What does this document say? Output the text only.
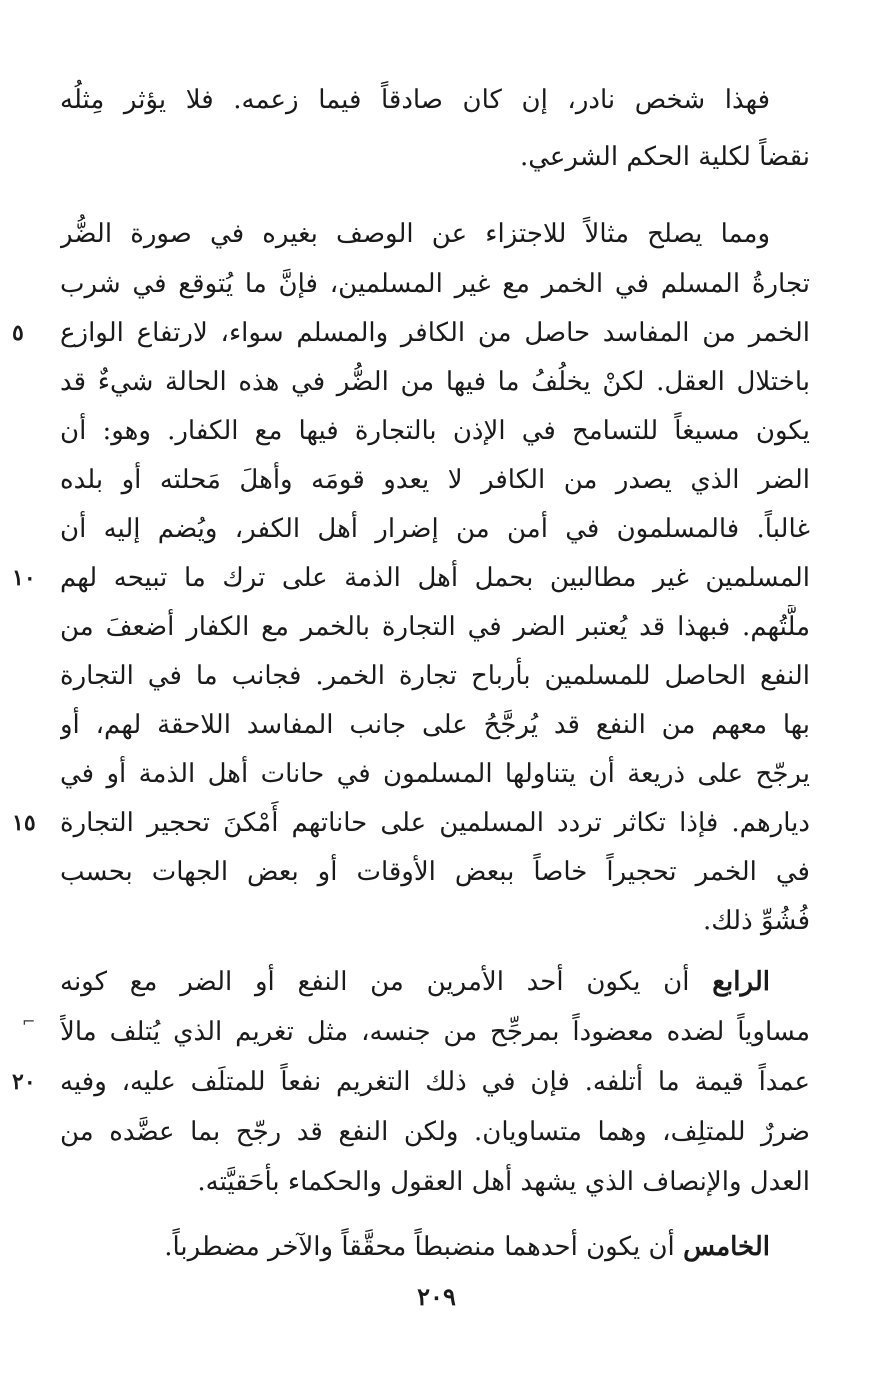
فهذا شخص نادر، إن كان صادقاً فيما زعمه. فلا يؤثر مِثلُه
نقضاً لكلية الحكم الشرعي.
ومما يصلح مثالاً للاجتزاء عن الوصف بغيره في صورة الضُّر
تجارةُ المسلم في الخمر مع غير المسلمين، فإنَّ ما يُتوقع في شرب
الخمر من المفاسد حاصل من الكافر والمسلم سواء، لارتفاع الوازع
باختلال العقل. لكنْ يخلُفُ ما فيها من الضُّر في هذه الحالة شيءٌ قد
يكون مسيغاً للتسامح في الإذن بالتجارة فيها مع الكفار. وهو: أن
الضر الذي يصدر من الكافر لا يعدو قومَه وأهلَ مَحلته أو بلده
غالباً. فالمسلمون في أمن من إضرار أهل الكفر، ويُضم إليه أن
المسلمين غير مطالبين بحمل أهل الذمة على ترك ما تبيحه لهم
ملَّتُهم. فبهذا قد يُعتبر الضر في التجارة بالخمر مع الكفار أضعفَ من
النفع الحاصل للمسلمين بأرباح تجارة الخمر. فجانب ما في التجارة
بها معهم من النفع قد يُرجَّحُ على جانب المفاسد اللاحقة لهم، أو
يرجّح على ذريعة أن يتناولها المسلمون في حانات أهل الذمة أو في
ديارهم. فإذا تكاثر تردد المسلمين على حاناتهم أَمْكنَ تحجير التجارة
في الخمر تحجيراً خاصاً ببعض الأوقات أو بعض الجهات بحسب
فُشُوِّ ذلك.
الرابع أن يكون أحد الأمرين من النفع أو الضر مع كونه
مساوياً لضده معضوداً بمرجِّح من جنسه، مثل تغريم الذي يُتلف مالاً
عمداً قيمة ما أتلفه. فإن في ذلك التغريم نفعاً للمتلَف عليه، وفيه
ضررٌ للمتلِف، وهما متساويان. ولكن النفع قد رجّح بما عضَّده من
العدل والإنصاف الذي يشهد أهل العقول والحكماء بأحَقيَّته.
٥
١٠
١٥
٢٠
⌐
الخامس أن يكون أحدهما منضبطاً محقَّقاً والآخر مضطرباً.
٢٠٩
